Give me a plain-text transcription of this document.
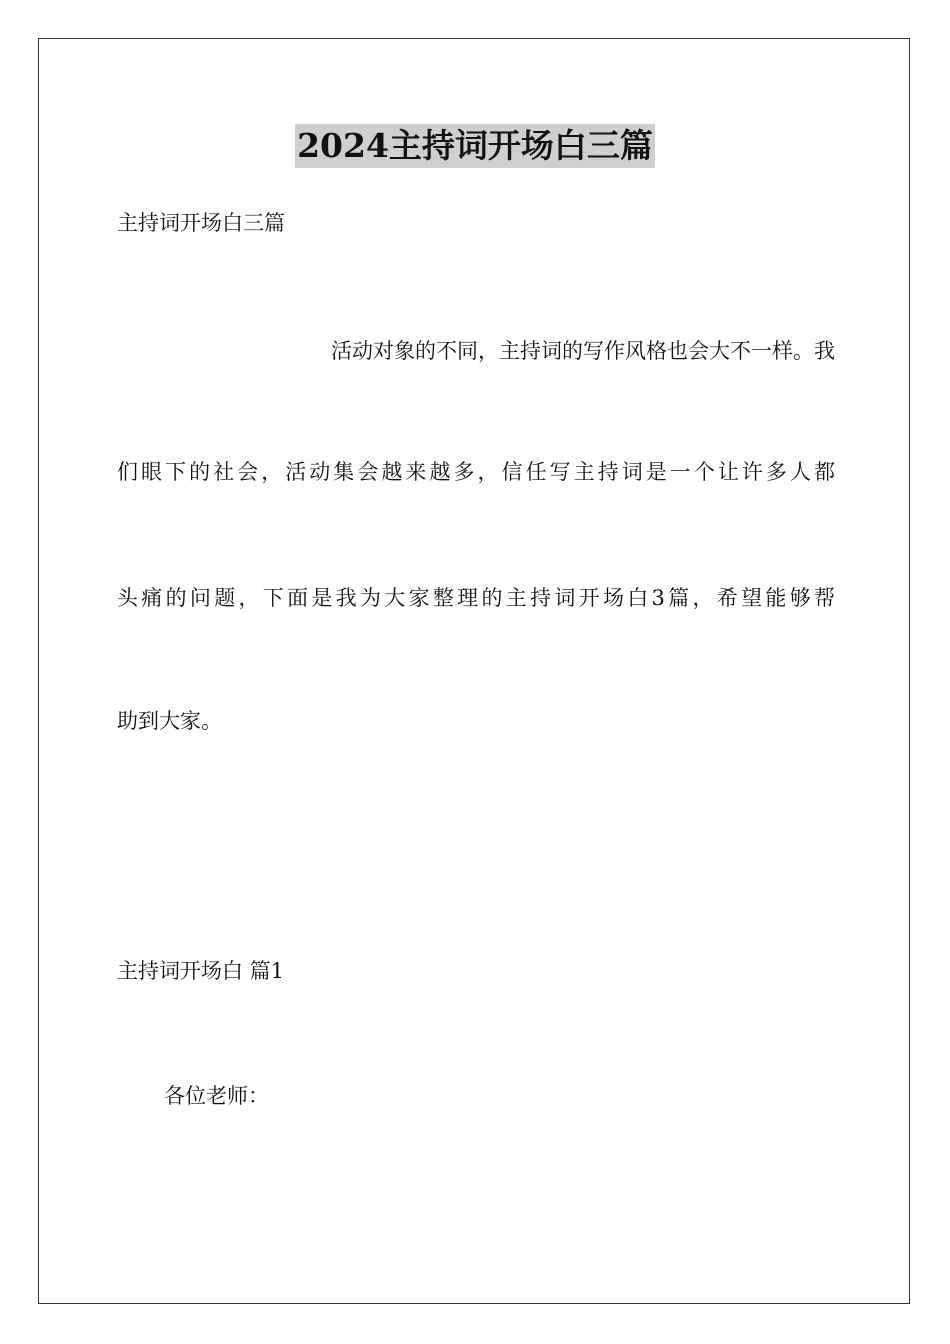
2024主持词开场白三篇
主持词开场白三篇
活动对象的不同，主持词的写作风格也会大不一样。我
们眼下的社会，活动集会越来越多，信任写主持词是一个让许多人都
头痛的问题，下面是我为大家整理的主持词开场白3篇，希望能够帮
助到大家。
主持词开场白 篇1
各位老师：
